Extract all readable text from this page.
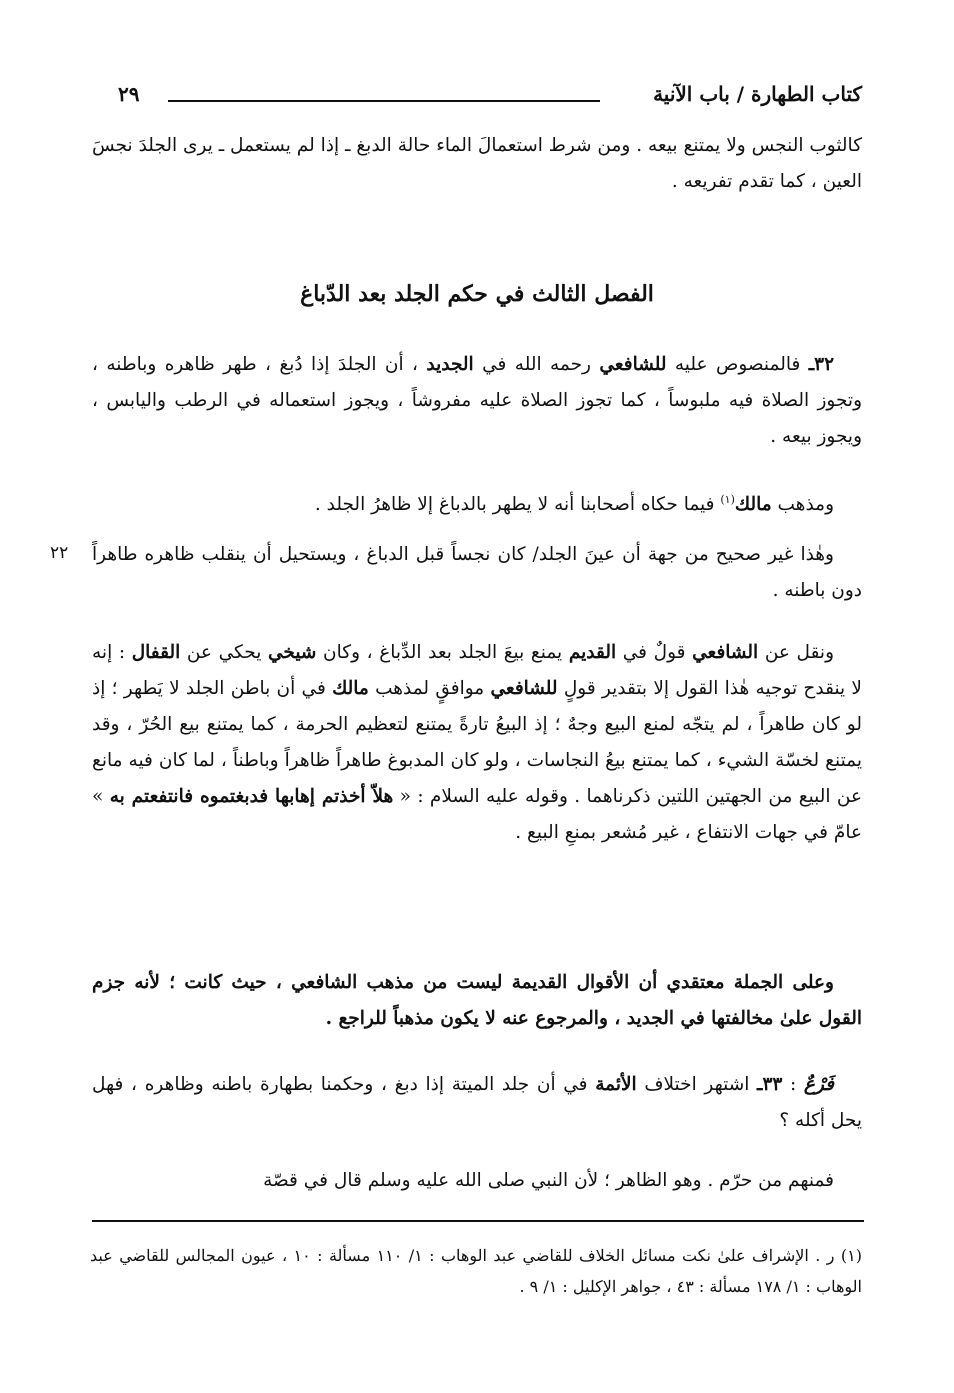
كتاب الطهارة / باب الآنية
٢٩

كالثوب النجس ولا يمتنع بيعه . ومن شرط استعمالَ الماء حالة الدبغ ـ إذا لم يستعمل ـ يرى الجلدَ نجسَ العين ، كما تقدم تفريعه .

الفصل الثالث في حكم الجلد بعد الدّباغ

٣٢ـ فالمنصوص عليه للشافعي رحمه الله في الجديد ، أن الجلدَ إذا دُبغ ، طهر ظاهره وباطنه ، وتجوز الصلاة فيه ملبوساً ، كما تجوز الصلاة عليه مفروشاً ، ويجوز استعماله في الرطب واليابس ، ويجوز بيعه .

ومذهب مالك$^{(١)}$ فيما حكاه أصحابنا أنه لا يطهر بالدباغ إلا ظاهرُ الجلد .

وهٰذا غير صحيح من جهة أن عينَ الجلد/ كان نجساً قبل الدباغ ، ويستحيل أن ينقلب ظاهره طاهراً دون باطنه .

٢٢

ونقل عن الشافعي قولٌ في القديم يمنع بيعَ الجلد بعد الدِّباغ ، وكان شيخي يحكي عن القفال : إنه لا ينقدح توجيه هٰذا القول إلا بتقدير قولٍ للشافعي موافقٍ لمذهب مالك في أن باطن الجلد لا يَطهر ؛ إذ لو كان طاهراً ، لم يتجّه لمنع البيع وجهٌ ؛ إذ البيعُ تارةً يمتنع لتعظيم الحرمة ، كما يمتنع بيع الحُرّ ، وقد يمتنع لخسّة الشيء ، كما يمتنع بيعُ النجاسات ، ولو كان المدبوغ طاهراً ظاهراً وباطناً ، لما كان فيه مانع عن البيع من الجهتين اللتين ذكرناهما . وقوله عليه السلام : « هلاّ أخذتم إهابها فدبغتموه فانتفعتم به » عامّ في جهات الانتفاع ، غير مُشعر بمنعِ البيع .

وعلى الجملة معتقدي أن الأقوال القديمة ليست من مذهب الشافعي ، حيث كانت ؛ لأنه جزم القول علىٰ مخالفتها في الجديد ، والمرجوع عنه لا يكون مذهباً للراجع .

فَرْعٌ : ٣٣ـ اشتهر اختلاف الأئمة في أن جلد الميتة إذا دبغ ، وحكمنا بطهارة باطنه وظاهره ، فهل يحل أكله ؟

فمنهم من حرّم . وهو الظاهر ؛ لأن النبي صلى الله عليه وسلم قال في قصّة

(١) ر . الإشراف علىٰ نكت مسائل الخلاف للقاضي عبد الوهاب : ١/ ١١٠ مسألة : ١٠ ، عيون المجالس للقاضي عبد الوهاب : ١/ ١٧٨ مسألة : ٤٣ ، جواهر الإكليل : ١/ ٩ .
